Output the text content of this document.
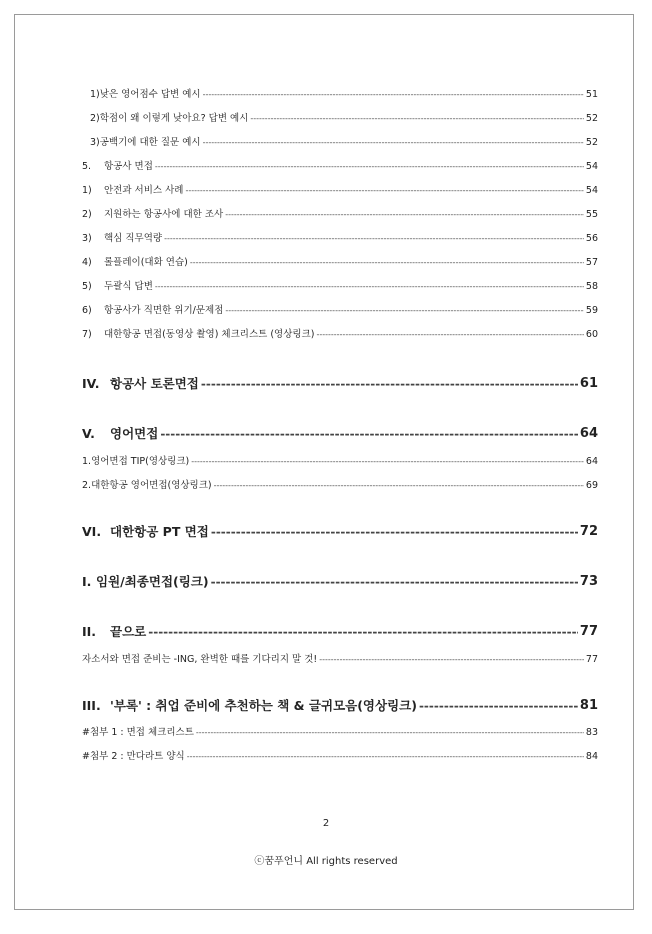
1)낮은 영어점수 답변 예시 -----	51
2)학점이 왜 이렇게 낮아요? 답변 예시 -----	52
3)공백기에 대한 질문 예시 -----	52
5.	항공사 면접 -----	54
1)	안전과 서비스 사례 -----	54
2)	지원하는 항공사에 대한 조사 -----	55
3)	핵심 직무역량 -----	56
4)	롤플레이(대화 연습) -----	57
5)	두괄식 답변 -----	58
6)	항공사가 직면한 위기/문제점 -----	59
7)	대한항공 면접(동영상 촬영) 체크리스트 (영상링크) -----	60
IV. 항공사 토론면접 -----	61
V.	영어면접 -----	64
1.영어면접 TIP(영상링크) -----	64
2.대한항공 영어면접(영상링크) -----	69
VI. 대한항공 PT 면접 -----	72
I. 임원/최종면접(링크) -----	73
II.	끝으로 -----	77
자소서와 면접 준비는 -ING, 완벽한 때를 기다리지 말 것! -----	77
III. '부록' : 취업 준비에 추천하는 책 & 글귀모음(영상링크) -----	81
#첨부 1 : 면접 체크리스트 -----	83
#첨부 2 : 만다라트 양식 -----	84
2
ⓒ꿈푸언니 All rights reserved
